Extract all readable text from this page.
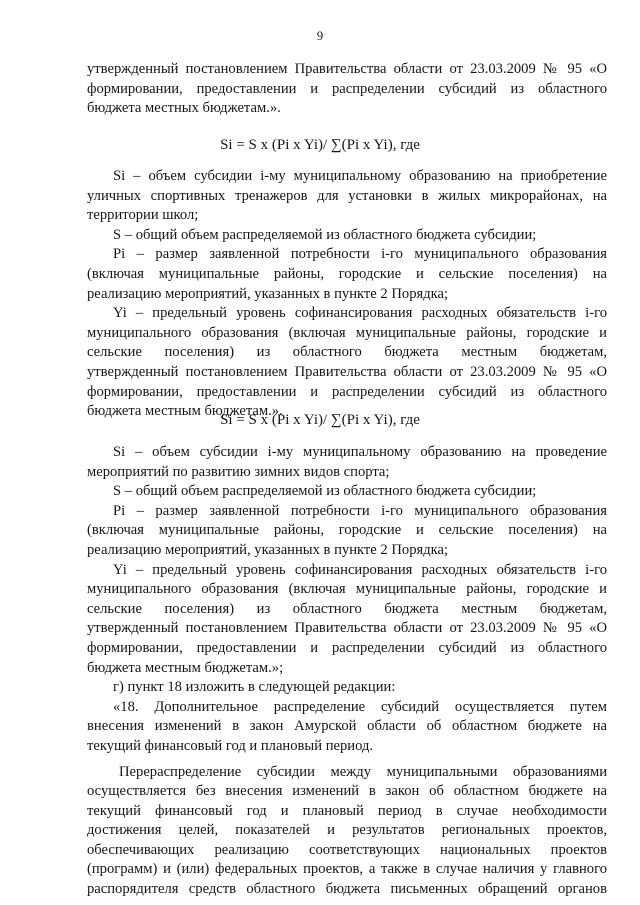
9
утвержденный постановлением Правительства области от 23.03.2009 № 95 «О
формировании, предоставлении и распределении субсидий из областного
бюджета местных бюджетам.».
Si = S x (Pi x Yi)/ ∑(Pi x Yi), где
Si – объем субсидии i-му муниципальному образованию на приобретение
уличных спортивных тренажеров для установки в жилых микрорайонах, на
территории школ;
S – общий объем распределяемой из областного бюджета субсидии;
Pi – размер заявленной потребности i-го муниципального образования
(включая муниципальные районы, городские и сельские поселения) на
реализацию мероприятий, указанных в пункте 2 Порядка;
Yi – предельный уровень софинансирования расходных обязательств i-го
муниципального образования (включая муниципальные районы, городские и
сельские поселения) из областного бюджета местным бюджетам,
утвержденный постановлением Правительства области от 23.03.2009 № 95 «О
формировании, предоставлении и распределении субсидий из областного
бюджета местным бюджетам.».
Si = S x (Pi x Yi)/ ∑(Pi x Yi), где
Si – объем субсидии i-му муниципальному образованию на проведение
мероприятий по развитию зимних видов спорта;
S – общий объем распределяемой из областного бюджета субсидии;
Pi – размер заявленной потребности i-го муниципального образования
(включая муниципальные районы, городские и сельские поселения) на
реализацию мероприятий, указанных в пункте 2 Порядка;
Yi – предельный уровень софинансирования расходных обязательств i-го
муниципального образования (включая муниципальные районы, городские и
сельские поселения) из областного бюджета местным бюджетам,
утвержденный постановлением Правительства области от 23.03.2009 № 95 «О
формировании, предоставлении и распределении субсидий из областного
бюджета местным бюджетам.»;
г) пункт 18 изложить в следующей редакции:
«18. Дополнительное распределение субсидий осуществляется путем
внесения изменений в закон Амурской области об областном бюджете на
текущий финансовый год и плановый период.
Перераспределение субсидии между муниципальными образованиями
осуществляется без внесения изменений в закон об областном бюджете на
текущий финансовый год и плановый период в случае необходимости
достижения целей, показателей и результатов региональных проектов,
обеспечивающих реализацию соответствующих национальных проектов
(программ) и (или) федеральных проектов, а также в случае наличия у главного
распорядителя средств областного бюджета письменных обращений органов
